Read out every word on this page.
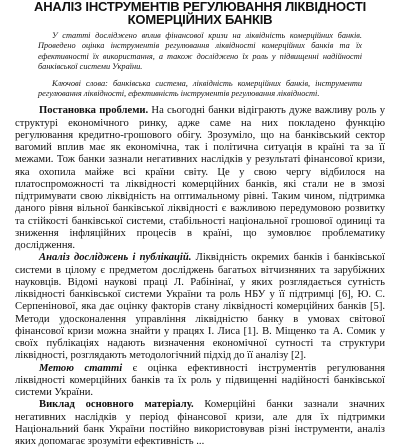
АНАЛІЗ ІНСТРУМЕНТІВ РЕГУЛЮВАННЯ ЛІКВІДНОСТІ
КОМЕРЦІЙНИХ БАНКІВ

У статті досліджено вплив фінансової кризи на ліквідність комерційних банків. Проведено оцінка інструментів регулювання ліквідності комерційних банків та їх ефективності їх використання, а також досліджено їх роль у підвищенні надійності банківської системи України.

Ключові слова: банківська система, ліквідність комерційних банків, інструменти регулювання ліквідності, ефективність інструментів регулювання ліквідності.

Постановка проблеми. На сьогодні банки відіграють дуже важливу роль у структурі економічного ринку, адже саме на них покладено функцію регулювання кредитно-грошового обігу. Зрозуміло, що на банківський сектор вагомий вплив має як економічна, так і політична ситуація в країні та за її межами. Тож банки зазнали негативних наслідків у результаті фінансової кризи, яка охопила майже всі країни світу. Це у свою чергу відбилося на платоспроможності та ліквідності комерційних банків, які стали не в змозі підтримувати свою ліквідність на оптимальному рівні. Таким чином, підтримка даного рівня вільної банківської ліквідності є важливою передумовою розвитку та стійкості банківської системи, стабільності національної грошової одиниці та зниження інфляційних процесів в країні, що зумовлює проблематику дослідження.

Аналіз досліджень і публікацій. Ліквідність окремих банків і банківської системи в цілому є предметом досліджень багатьох вітчизняних та зарубіжних науковців. Відомі наукові праці Л. Рабінінаї, у яких розглядається сутність ліквідності банківської системи України та роль НБУ у її підтримці [6], Ю. С. Серпенінової, яка дає оцінку факторів стану ліквідності комерційних банків [5]. Методи удосконалення управління ліквідністю банку в умовах світової фінансової кризи можна знайти у працях І. Лиса [1]. В. Міщенко та А. Сомик у своїх публікаціях надають визначення економічної сутності та структури ліквідності, розглядають методологічний підхід до її аналізу [2].

Метою статті є оцінка ефективності інструментів регулювання ліквідності комерційних банків та їх роль у підвищенні надійності банківської системи України.

Виклад основного матеріалу. Комерційні банки зазнали значних негативних наслідків у період фінансової кризи, але для їх підтримки Національний банк України постійно використовував різні інструменти, аналіз яких допомагає зрозуміти ефективність ...
